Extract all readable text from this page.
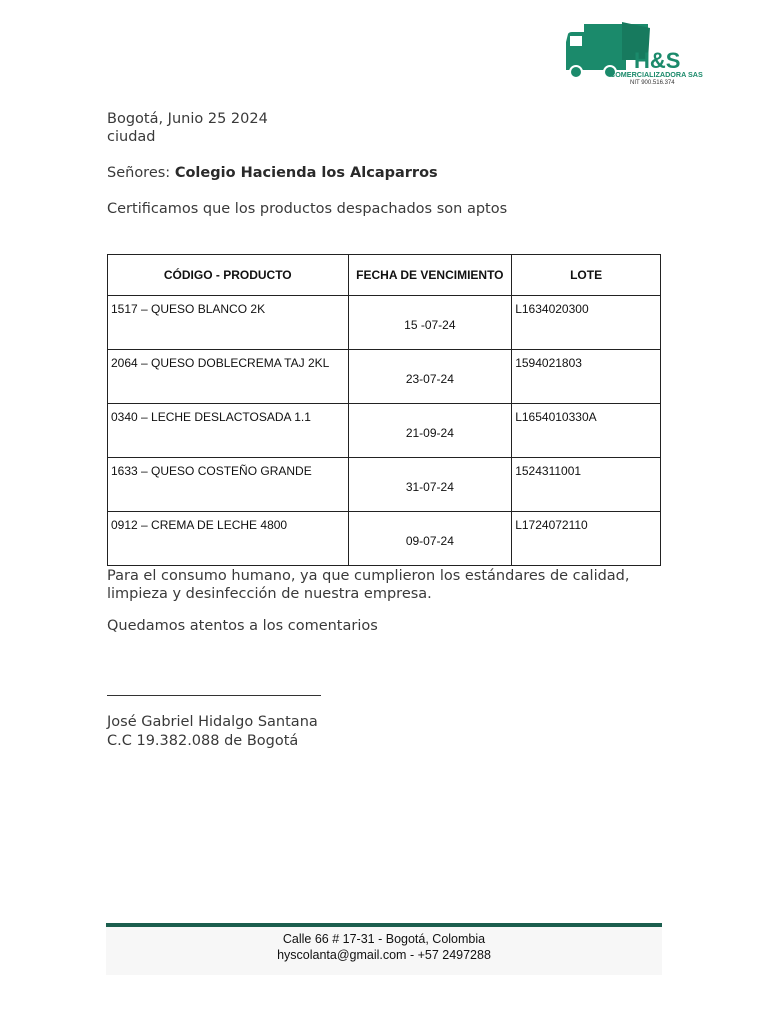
H&S
COMERCIALIZADORA SAS
NIT 900.516.374
Bogotá, Junio 25 2024
ciudad
Señores: Colegio Hacienda los Alcaparros
Certificamos que los productos despachados son aptos
CÓDIGO - PRODUCTO	FECHA DE VENCIMIENTO	LOTE
1517 – QUESO BLANCO 2K	15 -07-24	L1634020300
2064 – QUESO DOBLECREMA TAJ 2KL	23-07-24	1594021803
0340 – LECHE DESLACTOSADA 1.1	21-09-24	L1654010330A
1633 – QUESO COSTEÑO GRANDE	31-07-24	1524311001
0912 – CREMA DE LECHE 4800	09-07-24	L1724072110
Para el consumo humano, ya que cumplieron los estándares de calidad,
limpieza y desinfección de nuestra empresa.
Quedamos atentos a los comentarios
José Gabriel Hidalgo Santana
C.C 19.382.088 de Bogotá
Calle 66 # 17-31 - Bogotá, Colombia
hyscolanta@gmail.com - +57 2497288
